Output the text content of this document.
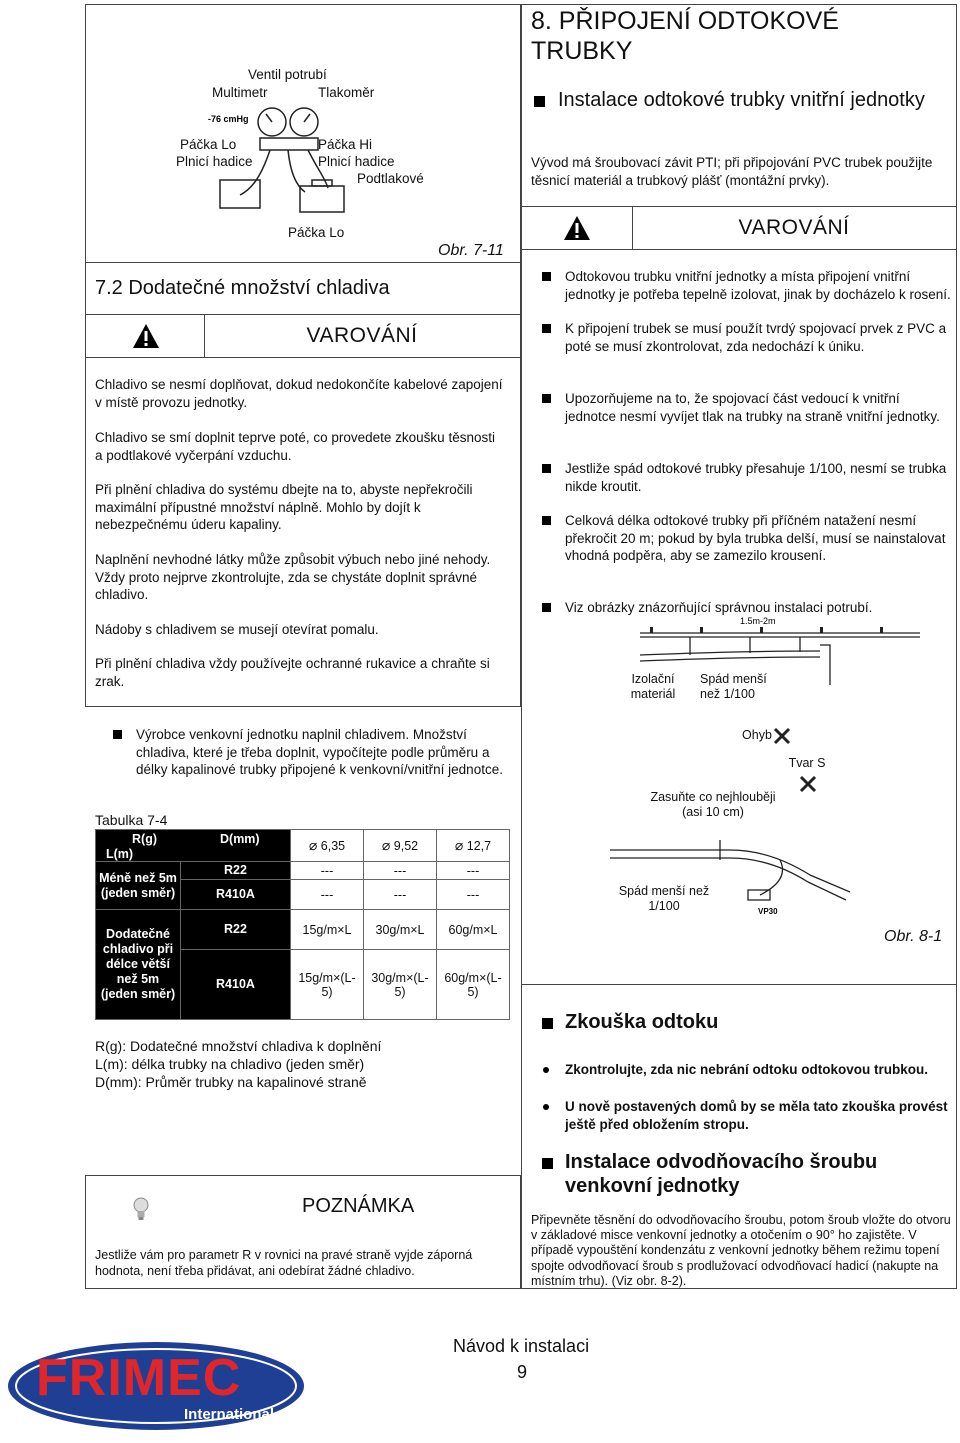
Ventil potrubí
Multimetr	Tlakoměr
Páčka Lo
Plnicí hadice
Páčka Hi
Plnicí hadice
Podtlakové
Páčka Lo
-76 cmHg
Obr. 7-11
7.2 Dodatečné množství chladiva
VAROVÁNÍ
Chladivo se nesmí doplňovat, dokud nedokončíte kabelové zapojení v místě provozu jednotky.
Chladivo se smí doplnit teprve poté, co provedete zkoušku těsnosti a podtlakové vyčerpání vzduchu.
Při plnění chladiva do systému dbejte na to, abyste nepřekročili maximální přípustné množství náplně. Mohlo by dojít k nebezpečnému úderu kapaliny.
Naplnění nevhodné látky může způsobit výbuch nebo jiné nehody. Vždy proto nejprve zkontrolujte, zda se chystáte doplnit správné chladivo.
Nádoby s chladivem se musejí otevírat pomalu.
Při plnění chladiva vždy používejte ochranné rukavice a chraňte si zrak.
Výrobce venkovní jednotku naplnil chladivem. Množství chladiva, které je třeba doplnit, vypočítejte podle průměru a délky kapalinové trubky připojené k venkovní/vnitřní jednotce.
Tabulka 7-4
R(g) D(mm)
L(m)		⌀ 6,35	⌀ 9,52	⌀ 12,7
Méně než 5m (jeden směr)	R22	---	---	---
	R410A	---	---	---
Dodatečné chladivo při délce větší než 5m (jeden směr)	R22	15g/m×L	30g/m×L	60g/m×L
	R410A	15g/m×(L-5)	30g/m×(L-5)	60g/m×(L-5)
R(g): Dodatečné množství chladiva k doplnění
L(m): délka trubky na chladivo (jeden směr)
D(mm): Průměr trubky na kapalinové straně
POZNÁMKA
Jestliže vám pro parametr R v rovnici na pravé straně vyjde záporná hodnota, není třeba přidávat, ani odebírat žádné chladivo.
8. PŘIPOJENÍ ODTOKOVÉ TRUBKY
Instalace odtokové trubky vnitřní jednotky
Vývod má šroubovací závit PTI; při připojování PVC trubek použijte těsnicí materiál a trubkový plášť (montážní prvky).
VAROVÁNÍ
Odtokovou trubku vnitřní jednotky a místa připojení vnitřní jednotky je potřeba tepelně izolovat, jinak by docházelo k rosení.
K připojení trubek se musí použít tvrdý spojovací prvek z PVC a poté se musí zkontrolovat, zda nedochází k úniku.
Upozorňujeme na to, že spojovací část vedoucí k vnitřní jednotce nesmí vyvíjet tlak na trubky na straně vnitřní jednotky.
Jestliže spád odtokové trubky přesahuje 1/100, nesmí se trubka nikde kroutit.
Celková délka odtokové trubky při příčném natažení nesmí překročit 20 m; pokud by byla trubka delší, musí se nainstalovat vhodná podpěra, aby se zamezilo krousení.
Viz obrázky znázorňující správnou instalaci potrubí.
1.5m-2m
Izolační materiál
Spád menší než 1/100
Ohyb
Tvar S
Zasuňte co nejhlouběji (asi 10 cm)
VP30
Spád menší než 1/100
Obr. 8-1
Zkouška odtoku
Zkontrolujte, zda nic nebrání odtoku odtokovou trubkou.
U nově postavených domů by se měla tato zkouška provést ještě před obložením stropu.
Instalace odvodňovacího šroubu venkovní jednotky
Připevněte těsnění do odvodňovacího šroubu, potom šroub vložte do otvoru v základové misce venkovní jednotky a otočením o 90° ho zajistěte. V případě vypouštění kondenzátu z venkovní jednotky během režimu topení spojte odvodňovací šroub s prodlužovací odvodňovací hadicí (nakupte na místním trhu). (Viz obr. 8-2).
Návod k instalaci
9
FRIMEC
International
